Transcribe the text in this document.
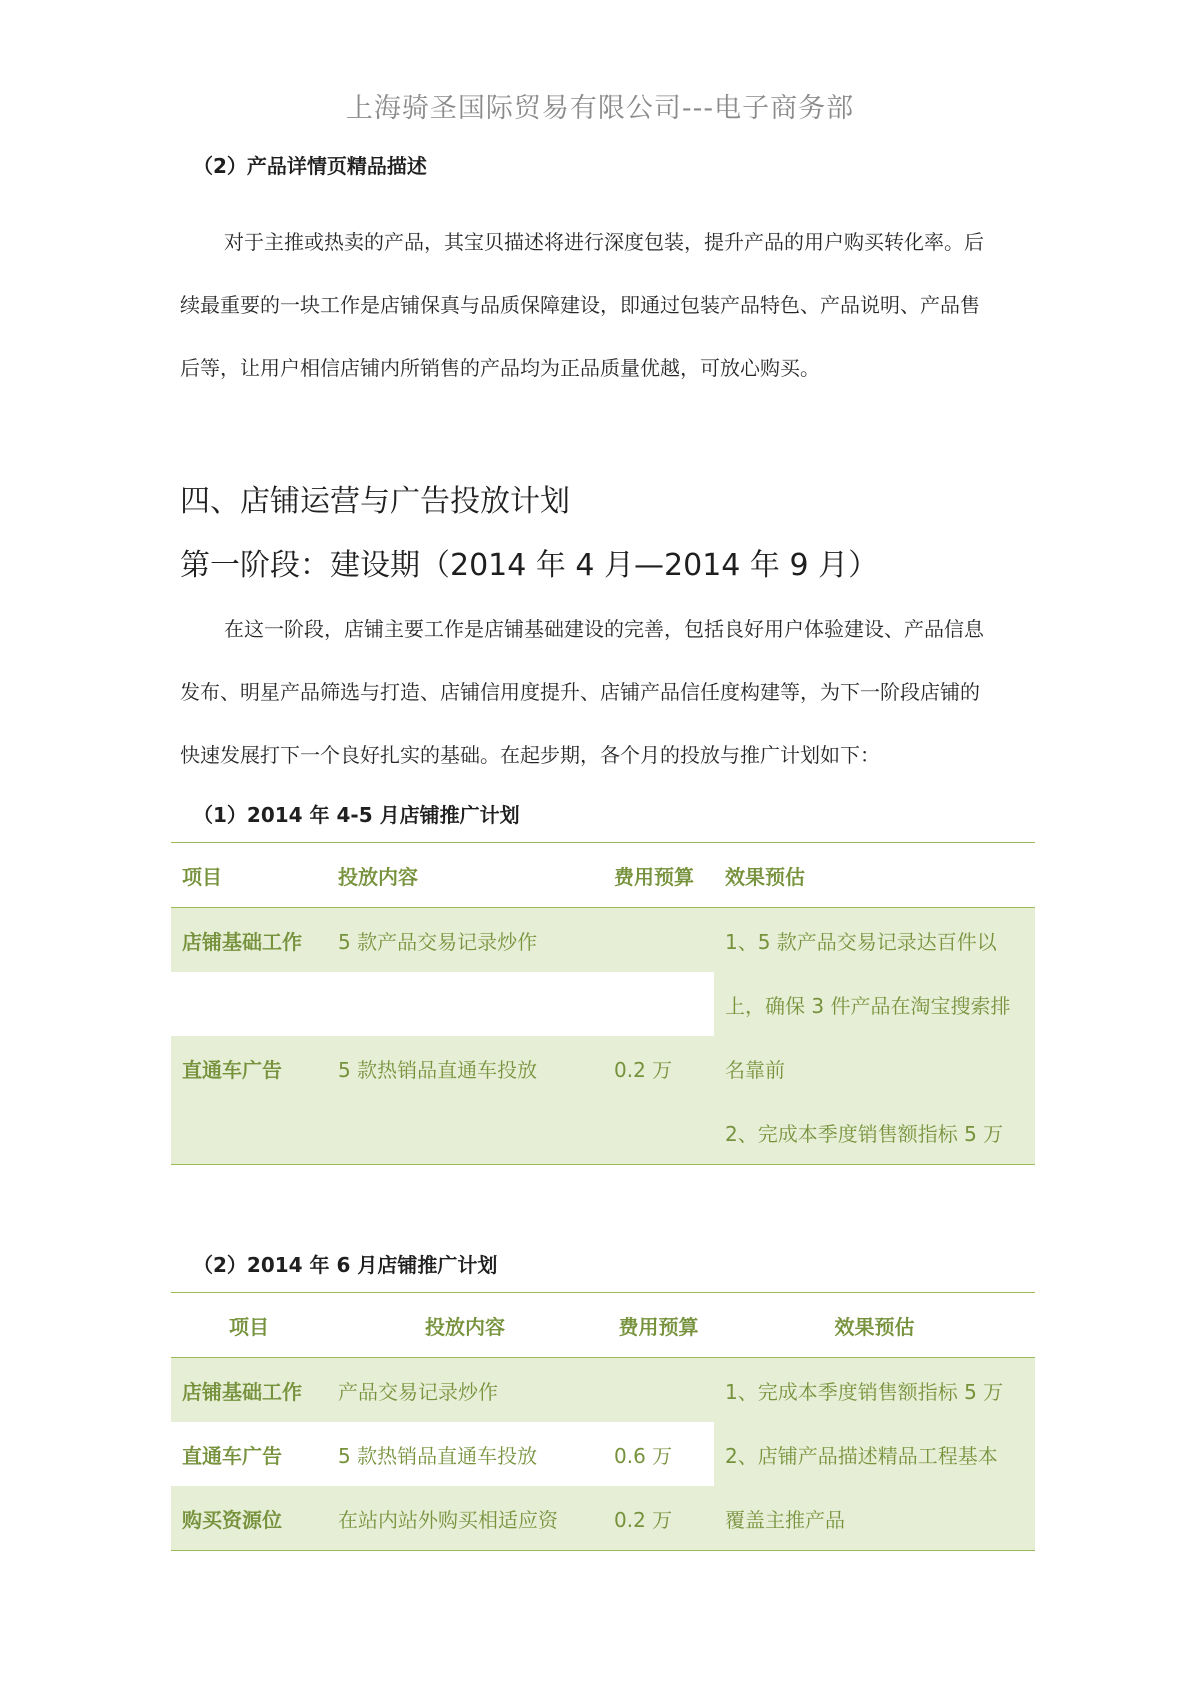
上海骑圣国际贸易有限公司---电子商务部
（2）产品详情页精品描述
对于主推或热卖的产品，其宝贝描述将进行深度包装，提升产品的用户购买转化率。后
续最重要的一块工作是店铺保真与品质保障建设，即通过包装产品特色、产品说明、产品售
后等，让用户相信店铺内所销售的产品均为正品质量优越，可放心购买。
四、店铺运营与广告投放计划
第一阶段：建设期（2014 年 4 月—2014 年 9 月）
在这一阶段，店铺主要工作是店铺基础建设的完善，包括良好用户体验建设、产品信息
发布、明星产品筛选与打造、店铺信用度提升、店铺产品信任度构建等，为下一阶段店铺的
快速发展打下一个良好扎实的基础。在起步期，各个月的投放与推广计划如下：
（1）2014 年 4-5 月店铺推广计划
项目	投放内容	费用预算	效果预估
店铺基础工作	5 款产品交易记录炒作		1、5 款产品交易记录达百件以
			上，确保 3 件产品在淘宝搜索排
直通车广告	5 款热销品直通车投放	0.2 万	名靠前
			2、完成本季度销售额指标 5 万
（2）2014 年 6 月店铺推广计划
项目	投放内容	费用预算	效果预估
店铺基础工作	产品交易记录炒作		1、完成本季度销售额指标 5 万
直通车广告	5 款热销品直通车投放	0.6 万	2、店铺产品描述精品工程基本
购买资源位	在站内站外购买相适应资	0.2 万	覆盖主推产品
